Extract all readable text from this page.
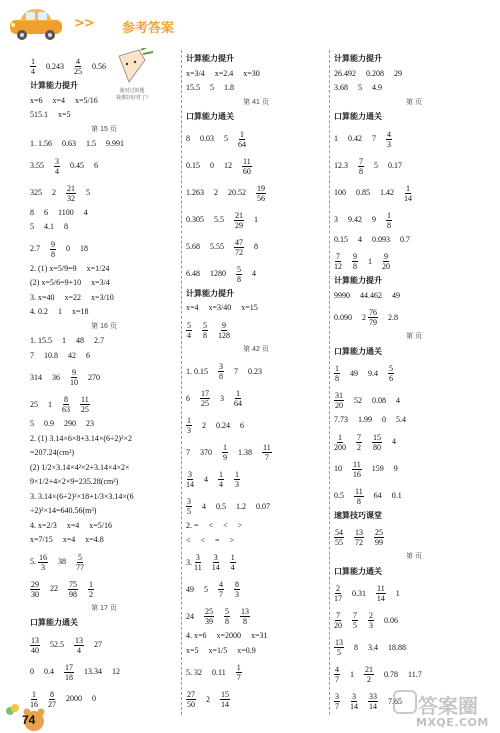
>> 参考答案
我对过的题
我都挂好对了!
$\frac{1}{4} 0.243 \frac{4}{25} 0.56$
计算能力提升
x=6 x=4 x=5/16
515.1 x=5
第 15 页
1. 1.56 0.63 1.5 9.991
$3.55 \frac{3}{4} 0.45$ 6
325 $2 \frac{21}{32} 5$
8 6 1100 4
5 4.1 8
$2.7 \frac{9}{8} 0$ 18
2. (1) x=5/9=9 x=1/24
(2) x=5/6=9+10 x=3/4
3. x=40 x=22 x=3/10
4. 0.2 1 x=18
第 16 页
1. 15.5 1 48 2.7
7 10.8 42 6
314 $36 \frac{9}{10} 270$
25 $1 \frac{8}{63} \frac{11}{25}$
5 0.9 290 23
2. (1) 3.14×6×8+3.14×(6÷2)²×2
=207.24(cm²)
(2) 1/2×3.14×4²×2+3.14×4×2×
9×1/2+4×2×9=235.28(cm²)
3. 3.14×(6÷2)²×18+1/3×3.14×(6
÷2)²×14=640.56(m³)
4. x=2/3 x=4 x=5/16
x=7/15 x=4 x=4.8
5. $\frac{16}{3} 38 \frac{5}{77}$
$\frac{29}{30} 22 \frac{75}{98} \frac{1}{2}$
第 17 页
口算能力通关
$\frac{13}{40} 52.5 \frac{13}{4} 27$
0 $0.4 \frac{17}{18} 13.34$ 12
$\frac{1}{16} \frac{8}{27} 2000$ 0
计算能力提升
x=3/4 x=2.4 x=30
15.5 5 1.8
第 41 页
口算能力通关
8 0.03 $5 \frac{1}{64}$
0.15 0 $12 \frac{11}{60}$
1.263 2 $20.52 \frac{19}{56}$
0.305 $5.5 \frac{21}{29} 1$
5.68 $5.55 \frac{47}{72} 8$
6.48 $1280 \frac{5}{8} 4$
计算能力提升
x=4 x=3/40 x=15
$\frac{5}{4} \frac{5}{8} \frac{9}{128}$
第 42 页
1. $0.15 \frac{3}{8} 7$ 0.23
$6 \frac{17}{25} 3 \frac{1}{64}$
$\frac{1}{3} 2$ 0.24 6
7 $370 \frac{1}{9} 1.38 \frac{11}{7}$
$\frac{3}{14} 4 \frac{1}{4} \frac{1}{3}$
$\frac{3}{5} 4$ 0.5 1.2 0.07
2. = < < >
< < = >
3. $\frac{3}{11} \frac{3}{14} \frac{1}{4}$
49 $5 \frac{4}{7} \frac{8}{3}$
$24 \frac{25}{39} \frac{5}{8} \frac{13}{8}$
4. x=6 x=2000 x=31
x=5 x=1/5 x=0.9
5. 32 $0.11 \frac{1}{7}$
$\frac{27}{50} 2 \frac{15}{14}$
计算能力提升
26.492 0.208 29
3.68 5 4.9
第 页
口算能力通关
1 0.42 $7 \frac{4}{3}$
$12.3 \frac{7}{8} 5$ 0.17
100 0.85 $1.42 \frac{1}{14}$
3 9.42 $9 \frac{1}{8}$
0.15 4 0.093 0.7
$\frac{7}{12} \frac{9}{8} 1 \frac{9}{20}$
计算能力提升
9990 44.462 49
0.090 $2 \frac{76}{79} 2.8$
第 页
口算能力通关
$\frac{1}{8} 49$ $9.4 \frac{5}{6}$
$\frac{31}{20} 52$ 0.08 4
7.73 1.99 0 5.4
$\frac{1}{200} \frac{7}{2} \frac{15}{80} 4$
$10 \frac{11}{16} 159$ 9
$0.5 \frac{11}{8} 64$ 0.1
速算技巧课堂
$\frac{54}{55} \frac{13}{72} \frac{25}{99}$
第 页
口算能力通关
$\frac{2}{17} 0.31 \frac{11}{14} 1$
$\frac{7}{20} \frac{7}{5} \frac{2}{3} 0.06$
$\frac{13}{5} 8$ 3.4 18.88
$\frac{4}{7} 1 \frac{21}{2} 0.78$ 11.7
$\frac{3}{7} \frac{3}{14} \frac{33}{14} 7.65$
74
答案圈
MXQE.COM
